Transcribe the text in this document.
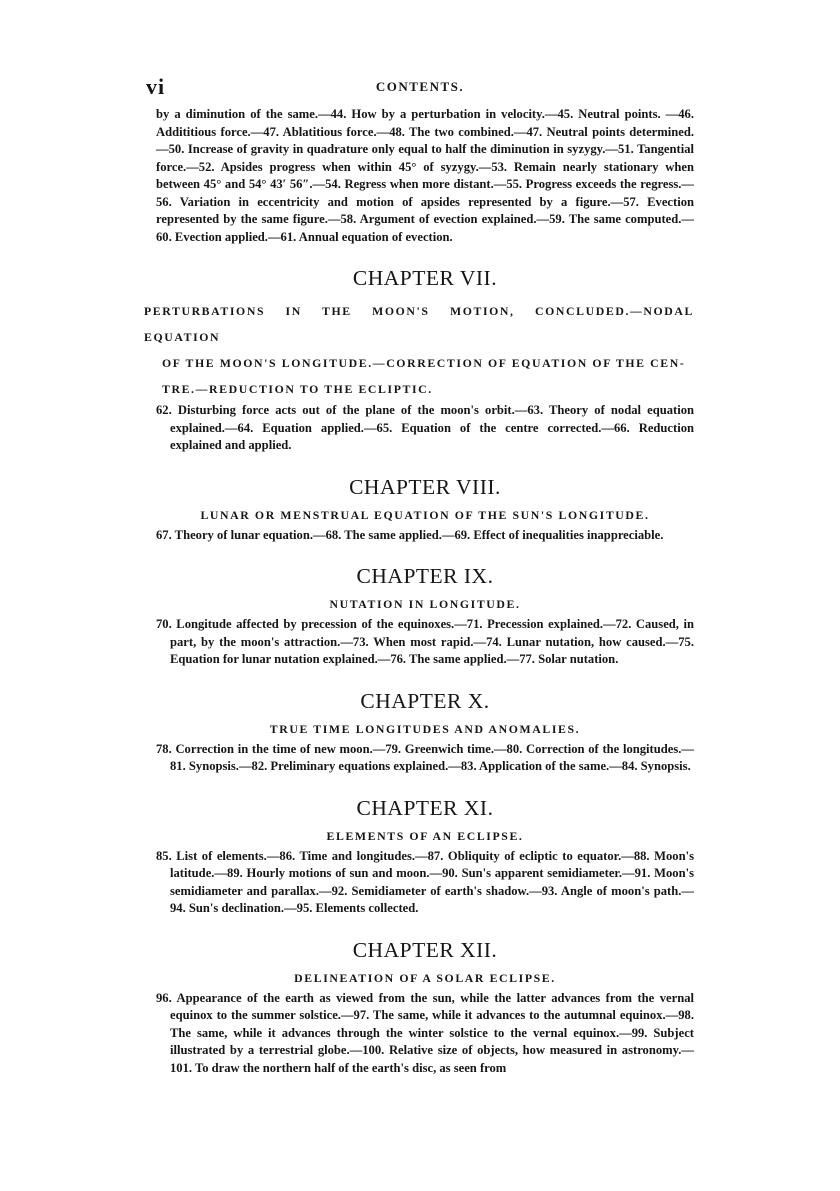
vi	CONTENTS.

by a diminution of the same.—44. How by a perturbation in velocity.—45. Neutral points. —46. Addititious force.—47. Ablatitious force.—48. The two combined.—47. Neutral points determined.—50. Increase of gravity in quadrature only equal to half the diminution in syzygy.—51. Tangential force.—52. Apsides progress when within 45° of syzygy.—53. Remain nearly stationary when between 45° and 54° 43′ 56″.—54. Regress when more distant.—55. Progress exceeds the regress.—56. Variation in eccentricity and motion of apsides represented by a figure.—57. Evection represented by the same figure.—58. Argument of evection explained.—59. The same computed.—60. Evection applied.—61. Annual equation of evection.

CHAPTER VII.
PERTURBATIONS IN THE MOON'S MOTION, CONCLUDED.—NODAL EQUATION
OF THE MOON'S LONGITUDE.—CORRECTION OF EQUATION OF THE CEN-
TRE.—REDUCTION TO THE ECLIPTIC.

62. Disturbing force acts out of the plane of the moon's orbit.—63. Theory of nodal equation explained.—64. Equation applied.—65. Equation of the centre corrected.—66. Reduction explained and applied.

CHAPTER VIII.
LUNAR OR MENSTRUAL EQUATION OF THE SUN'S LONGITUDE.

67. Theory of lunar equation.—68. The same applied.—69. Effect of inequalities inappreciable.

CHAPTER IX.
NUTATION IN LONGITUDE.

70. Longitude affected by precession of the equinoxes.—71. Precession explained.—72. Caused, in part, by the moon's attraction.—73. When most rapid.—74. Lunar nutation, how caused.—75. Equation for lunar nutation explained.—76. The same applied.—77. Solar nutation.

CHAPTER X.
TRUE TIME LONGITUDES AND ANOMALIES.

78. Correction in the time of new moon.—79. Greenwich time.—80. Correction of the longitudes.—81. Synopsis.—82. Preliminary equations explained.—83. Application of the same.—84. Synopsis.

CHAPTER XI.
ELEMENTS OF AN ECLIPSE.

85. List of elements.—86. Time and longitudes.—87. Obliquity of ecliptic to equator.—88. Moon's latitude.—89. Hourly motions of sun and moon.—90. Sun's apparent semidiameter.—91. Moon's semidiameter and parallax.—92. Semidiameter of earth's shadow.—93. Angle of moon's path.—94. Sun's declination.—95. Elements collected.

CHAPTER XII.
DELINEATION OF A SOLAR ECLIPSE.

96. Appearance of the earth as viewed from the sun, while the latter advances from the vernal equinox to the summer solstice.—97. The same, while it advances to the autumnal equinox.—98. The same, while it advances through the winter solstice to the vernal equinox.—99. Subject illustrated by a terrestrial globe.—100. Relative size of objects, how measured in astronomy.—101. To draw the northern half of the earth's disc, as seen from
